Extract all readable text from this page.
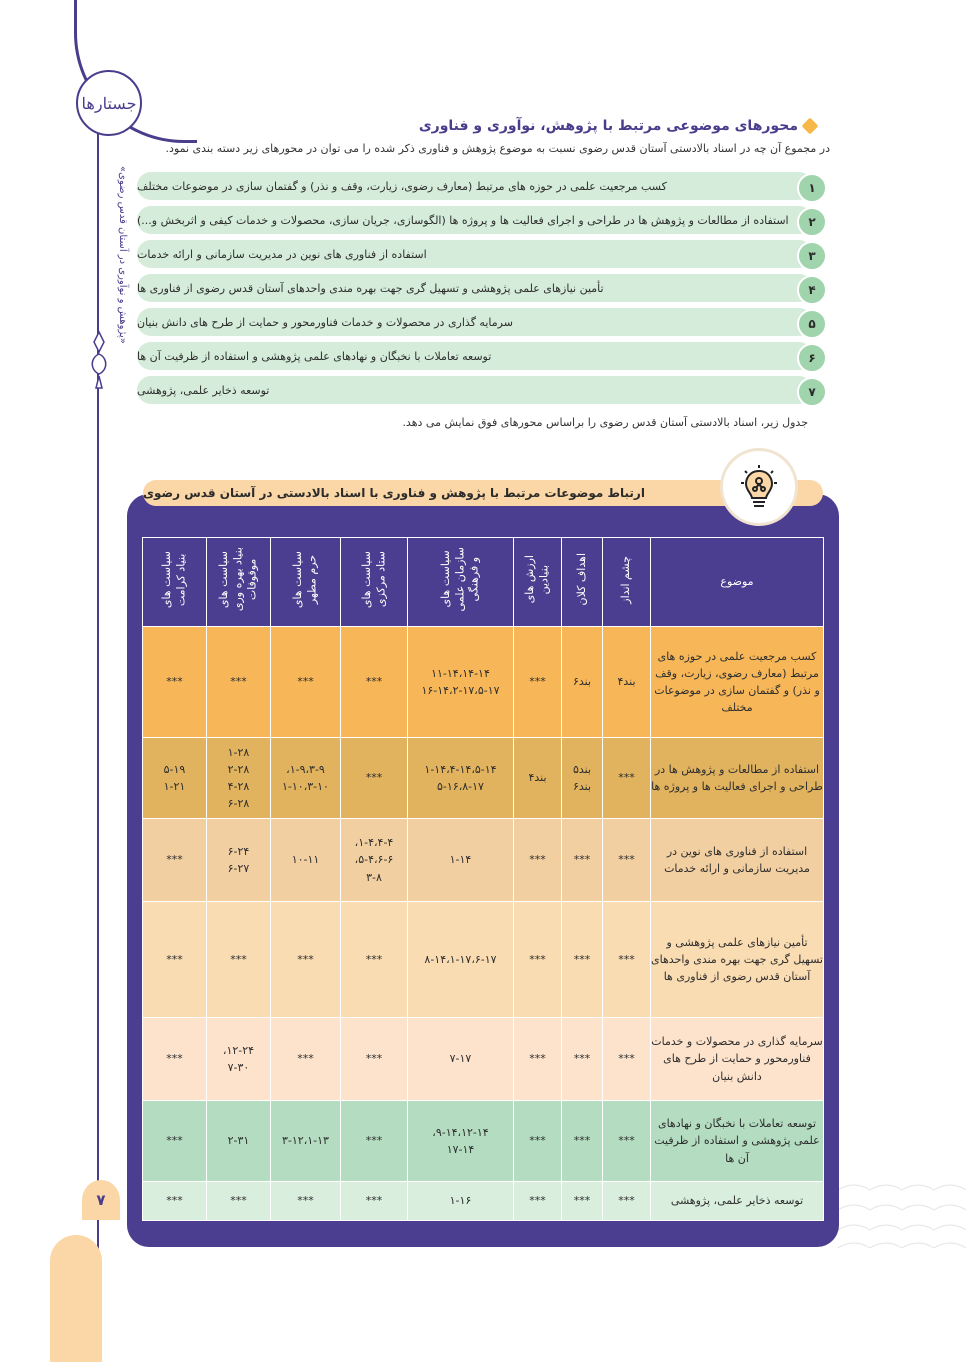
جستارها
«پژوهش و نوآوری در آستان قدس رضوی»
۷
محورهای موضوعی مرتبط با پژوهش، نوآوری و فناوری
در مجموع آن چه در اسناد بالادستی آستان قدس رضوی نسبت به موضوع پژوهش و فناوری ذکر شده را می توان در محورهای زیر دسته بندی نمود.
کسب مرجعیت علمی در حوزه های مرتبط (معارف رضوی، زیارت، وقف و نذر) و گفتمان سازی در موضوعات مختلف	۱
استفاده از مطالعات و پژوهش ها در طراحی و اجرای فعالیت ها و پروژه ها (الگوسازی، جریان سازی، محصولات و خدمات کیفی و اثربخش و...)	۲
استفاده از فناوری های نوین در مدیریت سازمانی و ارائه خدمات	۳
تأمین نیازهای علمی پژوهشی و تسهیل گری جهت بهره مندی واحدهای آستان قدس رضوی از فناوری ها	۴
سرمایه گذاری در محصولات و خدمات فناورمحور و حمایت از طرح های دانش بنیان	۵
توسعه تعاملات با نخبگان و نهادهای علمی پژوهشی و استفاده از ظرفیت آن ها	۶
توسعه ذخایر علمی، پژوهشی	۷
جدول زیر، اسناد بالادستی آستان قدس رضوی را براساس محورهای فوق نمایش می دهد.
ارتباط موضوعات مرتبط با پژوهش و فناوری با اسناد بالادستی در آستان قدس رضوی
موضوع	چشم انداز	اهداف کلان	ارزش های
بنیادین	سیاست های
سازمان علمی
و فرهنگی	سیاست های
ستاد مرکزی	سیاست های
حرم مطهر	سیاست های
بنیاد بهره وری
موقوفات	سیاست های
بنیاد کرامت
کسب مرجعیت علمی در حوزه های مرتبط (معارف رضوی، زیارت، وقف و نذر) و گفتمان سازی در موضوعات مختلف	بند۴	بند۶	***	۱۱-۱۴،۱۴-۱۴
۱۶-۱۴،۲-۱۷،۵-۱۷	***	***	***	***
استفاده از مطالعات و پژوهش ها در طراحی و اجرای فعالیت ها و پروژه ها	***	بند۵
بند۶	بند۴	۱-۱۴،۴-۱۴،۵-۱۴
۵-۱۶،۸-۱۷	***	۱-۹،۳-۹،
۱-۱۰،۳-۱۰	۱-۲۸
۲-۲۸
۴-۲۸
۶-۲۸	۵-۱۹
۱-۲۱
استفاده از فناوری های نوین در مدیریت سازمانی و ارائه خدمات	***	***	***	۱-۱۴	۱-۴،۴-۴،
۵-۴،۶-۶،
۳-۸	۱۰-۱۱	۶-۲۴
۶-۲۷	***
تأمین نیازهای علمی پژوهشی و تسهیل گری جهت بهره مندی واحدهای آستان قدس رضوی از فناوری ها	***	***	***	۸-۱۴،۱-۱۷،۶-۱۷	***	***	***	***
سرمایه گذاری در محصولات و خدمات فناورمحور و حمایت از طرح های دانش بنیان	***	***	***	۷-۱۷	***	***	۱۲-۲۴،
۷-۳۰	***
توسعه تعاملات با نخبگان و نهادهای علمی پژوهشی و استفاده از ظرفیت آن ها	***	***	***	۹-۱۴،۱۲-۱۴،
۱۷-۱۴	***	۳-۱۲،۱-۱۳	۲-۳۱	***
توسعه ذخایر علمی، پژوهشی	***	***	***	۱-۱۶	***	***	***	***
